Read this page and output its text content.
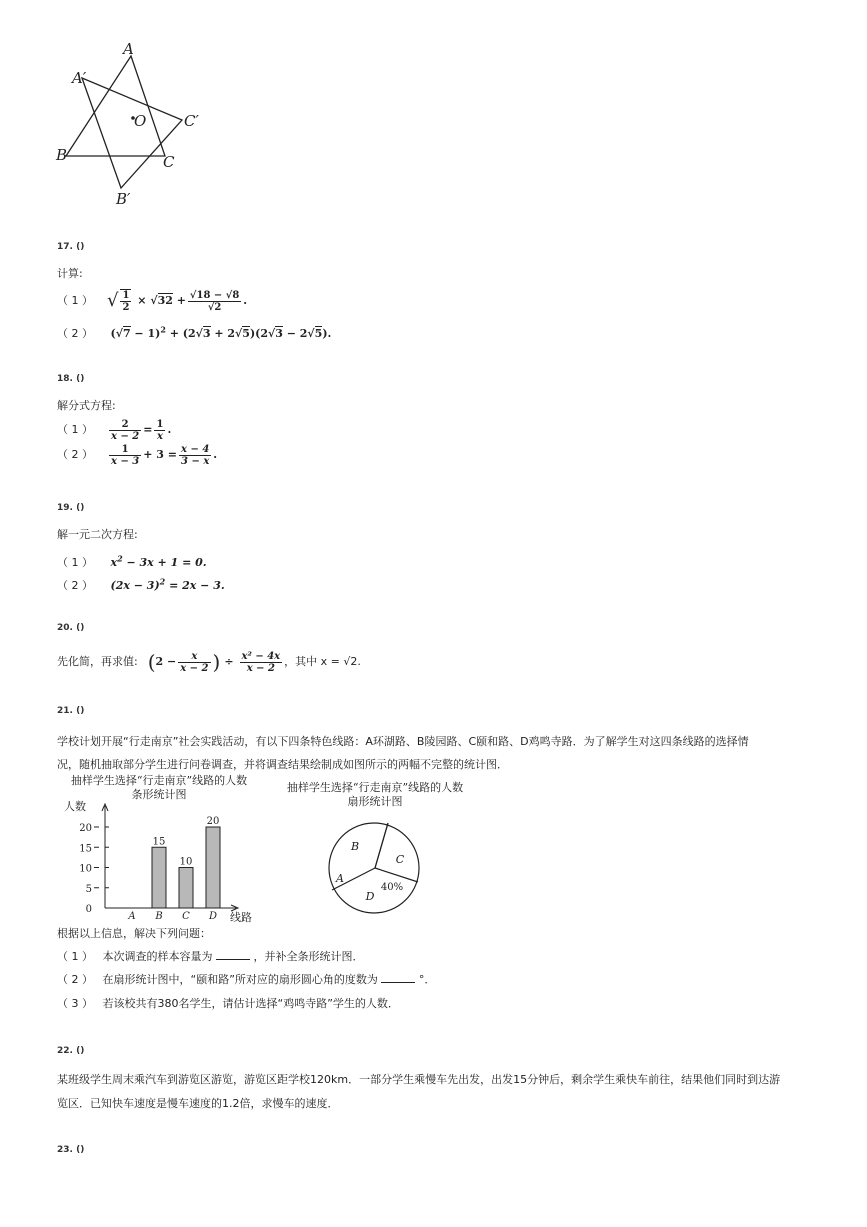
A
A′
O	C′
B	C
B′
17. ()
计算:
（ 1 ） √ $\frac{1}{2} \times √32 + \frac{√18 - √8}{√2}$ .
（ 2 ） $(√7 - 1)^2 + (2√3 + 2√5)(2√3 - 2√5)$.
18. ()
解分式方程:
（ 1 ） $\frac{2}{x - 2} = \frac{1}{x}$ .
（ 2 ） $\frac{1}{x - 3} + 3 = \frac{x - 4}{3 - x}$ .
19. ()
解一元二次方程:
（ 1 ） $x^2 - 3x + 1 = 0$.
（ 2 ） $(2x - 3)^2 = 2x - 3$.
20. ()
先化简，再求值: ( $2 - \frac{x}{x - 2}$ ) ÷ $\frac{\text{x² − 4x}}{x - 2}$ ，其中 x = √2.
21. ()
学校计划开展“行走南京”社会实践活动，有以下四条特色线路：A环湖路、B陵园路、C颐和路、D鸡鸣寺路．为了解学生对这四条线路的选择情
况，随机抽取部分学生进行问卷调查，并将调查结果绘制成如图所示的两幅不完整的统计图．
抽样学生选择“行走南京”线路的人数
条形统计图
人数
线路
0
5
10
15
20
A
15
B
10
C
20
D
抽样学生选择“行走南京”线路的人数
扇形统计图
A
B
C
D
40%
根据以上信息，解决下列问题：
（ 1 ） 本次调查的样本容量为	，并补全条形统计图．
（ 2 ） 在扇形统计图中，“颐和路”所对应的扇形圆心角的度数为	°．
（ 3 ） 若该校共有380名学生，请估计选择“鸡鸣寺路”学生的人数．
22. ()
某班级学生周末乘汽车到游览区游览，游览区距学校120km．一部分学生乘慢车先出发，出发15分钟后，剩余学生乘快车前往，结果他们同时到达游
览区．已知快车速度是慢车速度的1.2倍，求慢车的速度．
23. ()
